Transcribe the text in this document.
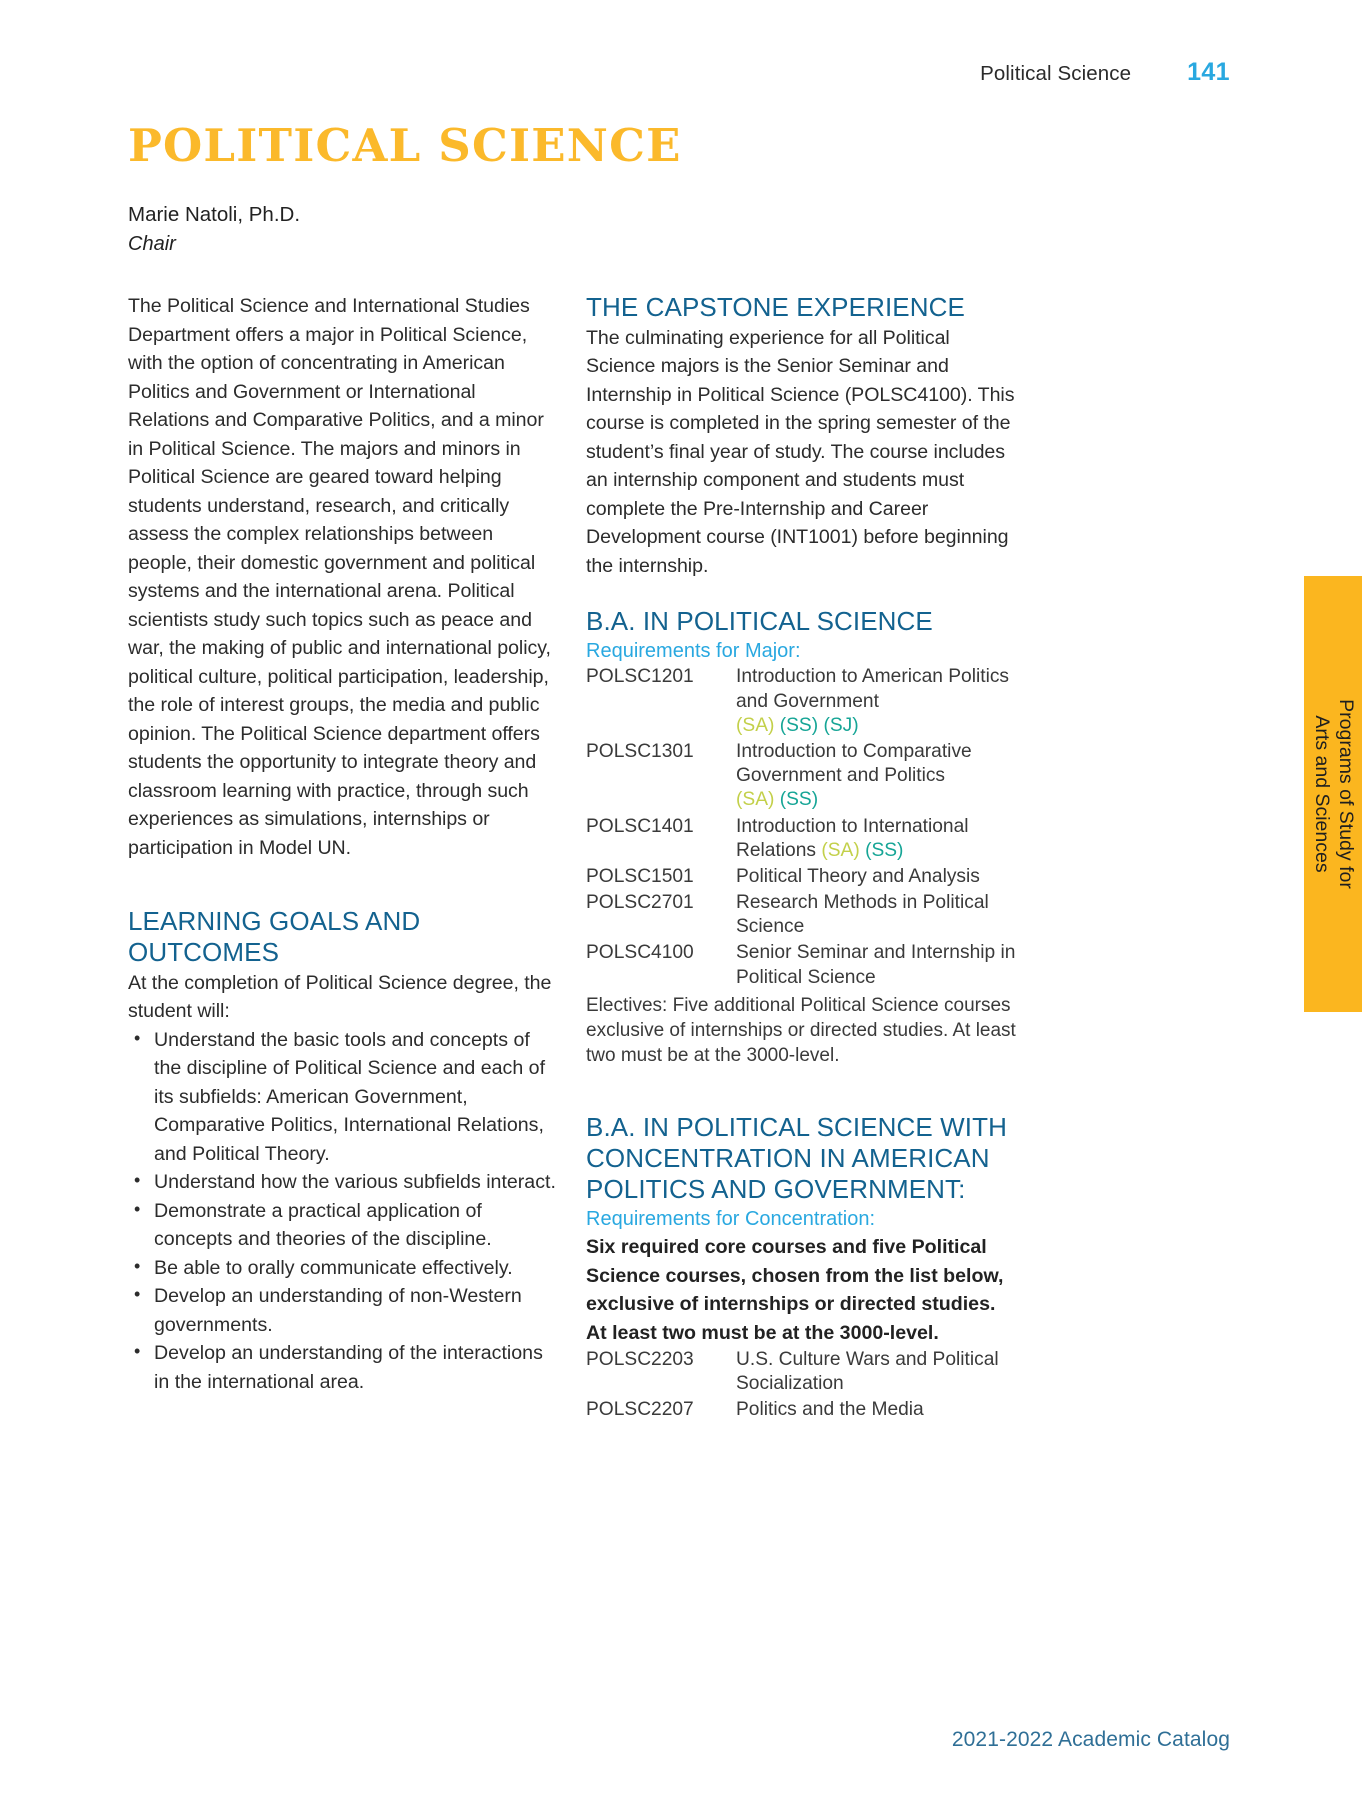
Political Science 141
POLITICAL SCIENCE
Marie Natoli, Ph.D.
Chair

The Political Science and International Studies Department offers a major in Political Science, with the option of concentrating in American Politics and Government or International Relations and Comparative Politics, and a minor in Political Science. The majors and minors in Political Science are geared toward helping students understand, research, and critically assess the complex relationships between people, their domestic government and political systems and the international arena. Political scientists study such topics such as peace and war, the making of public and international policy, political culture, political participation, leadership, the role of interest groups, the media and public opinion. The Political Science department offers students the opportunity to integrate theory and classroom learning with practice, through such experiences as simulations, internships or participation in Model UN.

LEARNING GOALS AND OUTCOMES

At the completion of Political Science degree, the student will:

• Understand the basic tools and concepts of the discipline of Political Science and each of its subfields: American Government, Comparative Politics, International Relations, and Political Theory.
• Understand how the various subfields interact.
• Demonstrate a practical application of concepts and theories of the discipline.
• Be able to orally communicate effectively.
• Develop an understanding of non-Western governments.
• Develop an understanding of the interactions in the international area.
THE CAPSTONE EXPERIENCE

The culminating experience for all Political Science majors is the Senior Seminar and Internship in Political Science (POLSC4100). This course is completed in the spring semester of the student’s final year of study. The course includes an internship component and students must complete the Pre-Internship and Career Development course (INT1001) before beginning the internship.

B.A. IN POLITICAL SCIENCE
Requirements for Major:
POLSC1201	Introduction to American Politics and Government
(SA) (SS) (SJ)
POLSC1301	Introduction to Comparative Government and Politics
(SA) (SS)
POLSC1401	Introduction to International Relations (SA) (SS)
POLSC1501	Political Theory and Analysis
POLSC2701	Research Methods in Political Science
POLSC4100	Senior Seminar and Internship in Political Science

Electives: Five additional Political Science courses exclusive of internships or directed studies. At least two must be at the 3000-level.

B.A. IN POLITICAL SCIENCE WITH CONCENTRATION IN AMERICAN POLITICS AND GOVERNMENT:
Requirements for Concentration:

Six required core courses and five Political Science courses, chosen from the list below, exclusive of internships or directed studies. At least two must be at the 3000-level.

POLSC2203	U.S. Culture Wars and Political Socialization
POLSC2207	Politics and the Media
Programs of Study for
Arts and Sciences
2021-2022 Academic Catalog
